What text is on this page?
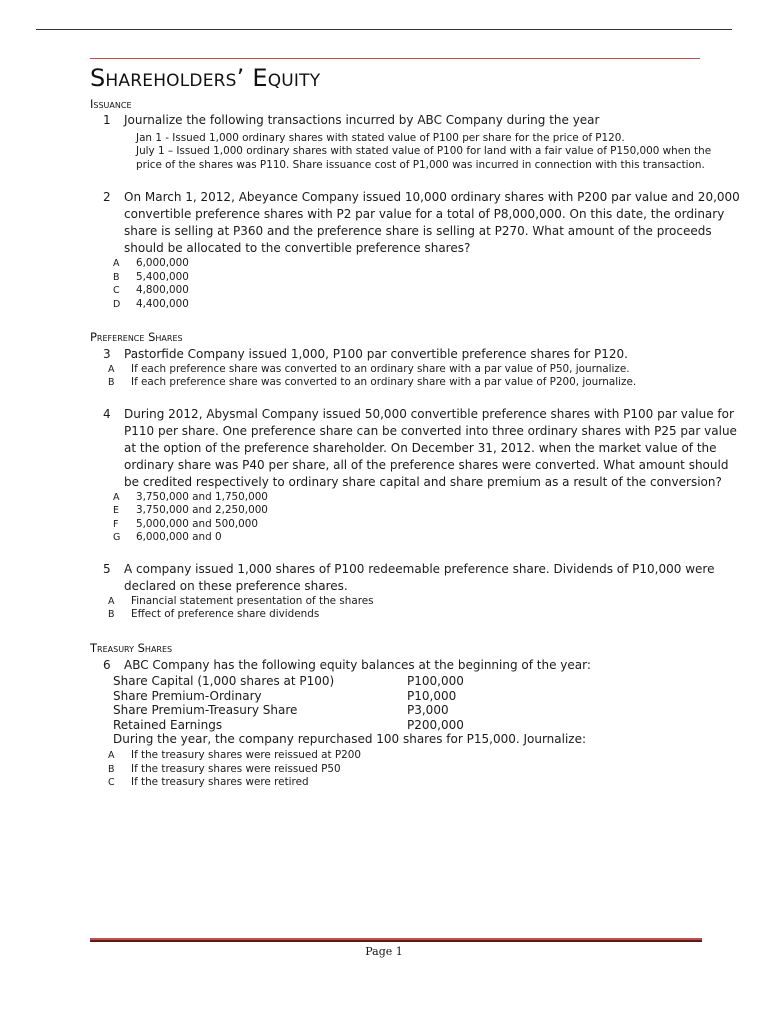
Shareholders’ Equity
Issuance
1 Journalize the following transactions incurred by ABC Company during the year
Jan 1 - Issued 1,000 ordinary shares with stated value of P100 per share for the price of P120.
July 1 – Issued 1,000 ordinary shares with stated value of P100 for land with a fair value of P150,000 when the
price of the shares was P110. Share issuance cost of P1,000 was incurred in connection with this transaction.
2 On March 1, 2012, Abeyance Company issued 10,000 ordinary shares with P200 par value and 20,000
convertible preference shares with P2 par value for a total of P8,000,000. On this date, the ordinary
share is selling at P360 and the preference share is selling at P270. What amount of the proceeds
should be allocated to the convertible preference shares?
A 6,000,000
B 5,400,000
C 4,800,000
D 4,400,000
Preference Shares
3 Pastorfide Company issued 1,000, P100 par convertible preference shares for P120.
A If each preference share was converted to an ordinary share with a par value of P50, journalize.
B If each preference share was converted to an ordinary share with a par value of P200, journalize.
4 During 2012, Abysmal Company issued 50,000 convertible preference shares with P100 par value for
P110 per share. One preference share can be converted into three ordinary shares with P25 par value
at the option of the preference shareholder. On December 31, 2012. when the market value of the
ordinary share was P40 per share, all of the preference shares were converted. What amount should
be credited respectively to ordinary share capital and share premium as a result of the conversion?
A 3,750,000 and 1,750,000
E 3,750,000 and 2,250,000
F 5,000,000 and 500,000
G 6,000,000 and 0
5 A company issued 1,000 shares of P100 redeemable preference share. Dividends of P10,000 were
declared on these preference shares.
A Financial statement presentation of the shares
B Effect of preference share dividends
Treasury Shares
6 ABC Company has the following equity balances at the beginning of the year:
Share Capital (1,000 shares at P100)	P100,000
Share Premium-Ordinary	P10,000
Share Premium-Treasury Share	P3,000
Retained Earnings	P200,000
During the year, the company repurchased 100 shares for P15,000. Journalize:
A If the treasury shares were reissued at P200
B If the treasury shares were reissued P50
C If the treasury shares were retired
Page 1
